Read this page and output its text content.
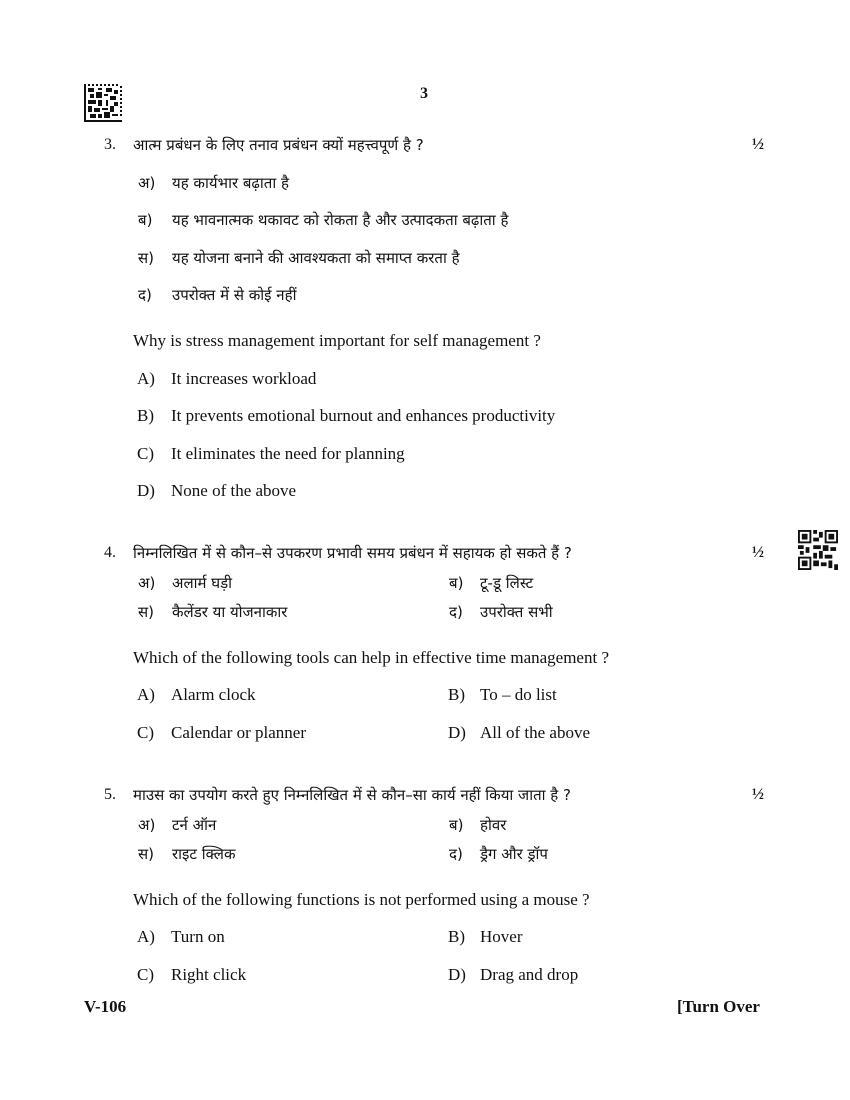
3
3. आत्म प्रबंधन के लिए तनाव प्रबंधन क्यों महत्त्वपूर्ण है ?	½
अ) यह कार्यभार बढ़ाता है
ब) यह भावनात्मक थकावट को रोकता है और उत्पादकता बढ़ाता है
स) यह योजना बनाने की आवश्यकता को समाप्त करता है
द) उपरोक्त में से कोई नहीं
Why is stress management important for self management ?
A) It increases workload
B) It prevents emotional burnout and enhances productivity
C) It eliminates the need for planning
D) None of the above
4. निम्नलिखित में से कौन–से उपकरण प्रभावी समय प्रबंधन में सहायक हो सकते हैं ?	½
अ) अलार्म घड़ी	ब) टू-डू लिस्ट
स) कैलेंडर या योजनाकार	द) उपरोक्त सभी
Which of the following tools can help in effective time management ?
A) Alarm clock	B) To – do list
C) Calendar or planner	D) All of the above
5. माउस का उपयोग करते हुए निम्नलिखित में से कौन–सा कार्य नहीं किया जाता है ?	½
अ) टर्न ऑन	ब) होवर
स) राइट क्लिक	द) ड्रैग और ड्रॉप
Which of the following functions is not performed using a mouse ?
A) Turn on	B) Hover
C) Right click	D) Drag and drop
V-106	[Turn Over
